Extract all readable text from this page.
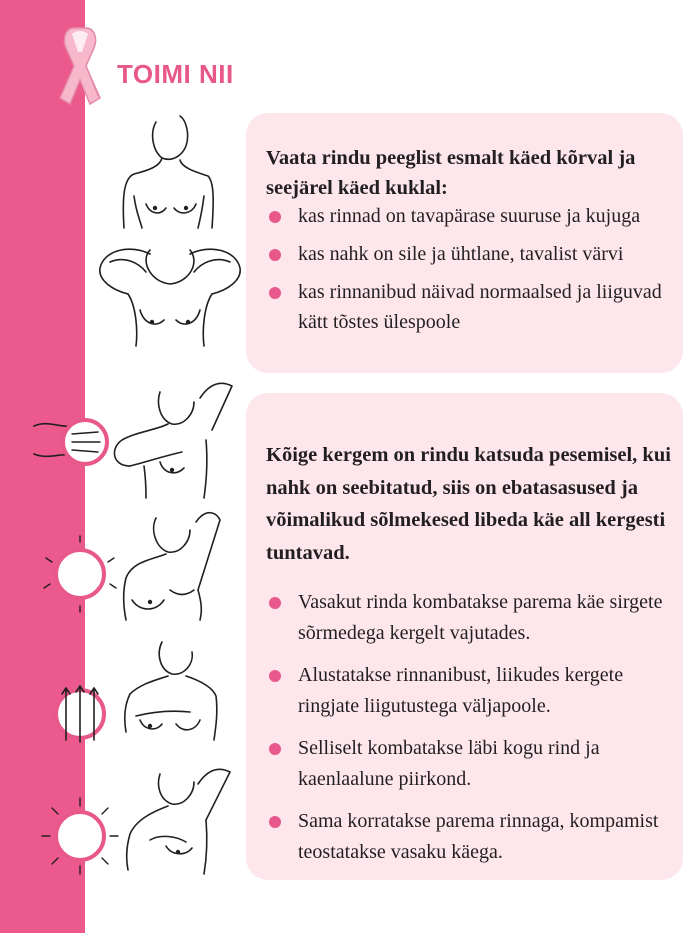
TOIMI NII
Vaata rindu peeglist esmalt käed kõrval ja seejärel käed kuklal:
kas rinnad on tavapärase suuruse ja kujuga
kas nahk on sile ja ühtlane, tavalist värvi
kas rinnanibud näivad normaalsed ja liiguvad kätt tõstes ülespoole
Kõige kergem on rindu katsuda pesemisel, kui nahk on seebitatud, siis on ebatasasused ja võimalikud sõlmekesed libeda käe all kergesti tuntavad.
Vasakut rinda kombatakse parema käe sirgete sõrmedega kergelt vajutades.
Alustatakse rinnanibust, liikudes kergete ringjate liigutustega väljapoole.
Selliselt kombatakse läbi kogu rind ja kaenlaalune piirkond.
Sama korratakse parema rinnaga, kompamist teostatakse vasaku käega.
